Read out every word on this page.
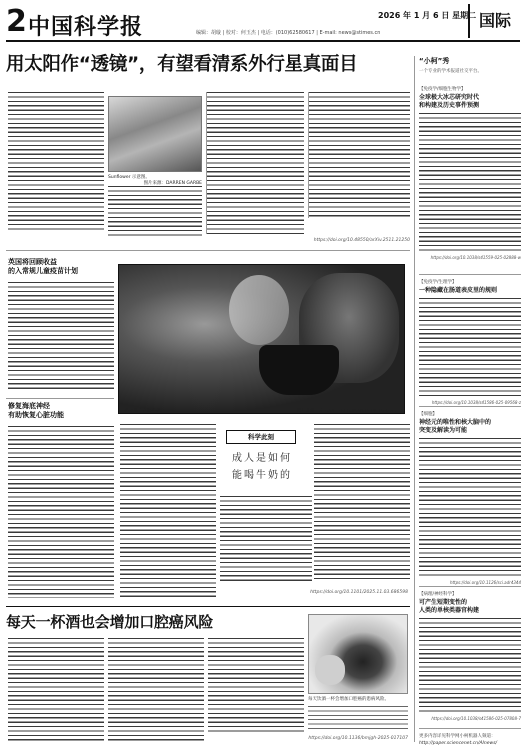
2 中国科学报	2026 年 1 月 6 日 星期二
编辑：胡璇 | 校对：何玉杰 | 电话：(010)62580617 | E-mail: news@stimes.cn
国际
用太阳作“透镜”，有望看清系外行星真面目
Sunflower 示意图。
图片来源：DARREN GARBE
https://doi.org/10.48550/arXiv.2511.21250
英国将回顾收益
的入常规儿童疫苗计划
修复海底神经
有助恢复心脏功能	一名女孩正在喝牛奶。	图片来源：STUART FREEDMAN/IN PICTURES LTD.
科学此刻
成人是如何
能喝牛奶的
https://doi.org/10.1101/2025.11.03.686598
每天一杯酒也会增加口腔癌风险
每天饮酒一杯会增加口腔癌的患病风险。
https://doi.org/10.1136/bmjgh-2025-017107
“小柯”秀
一个专业的学术报道社交平台。
【免疫学/细胞生物学】
全球极大冰芯研究时代
和构建及历史事件预测
https://doi.org/10.1038/s41559-025-02888-w
【免疫学/生理学】
一种隐藏在肠道表皮里的规则
https://doi.org/10.1038/s41586-025-09568-z
【细胞】
神经元的唯性和核大脑中的
突变及解读为可能
https://doi.org/10.1126/sci.adr4344
【病理/神经科学】
可产生短期变性的
人类的单核类器官构建
https://doi.org/10.1038/s41586-025-07808-7
更多内容详见科学网小柯机器人频道：
http://paper.sciencenet.cn/AInews/
